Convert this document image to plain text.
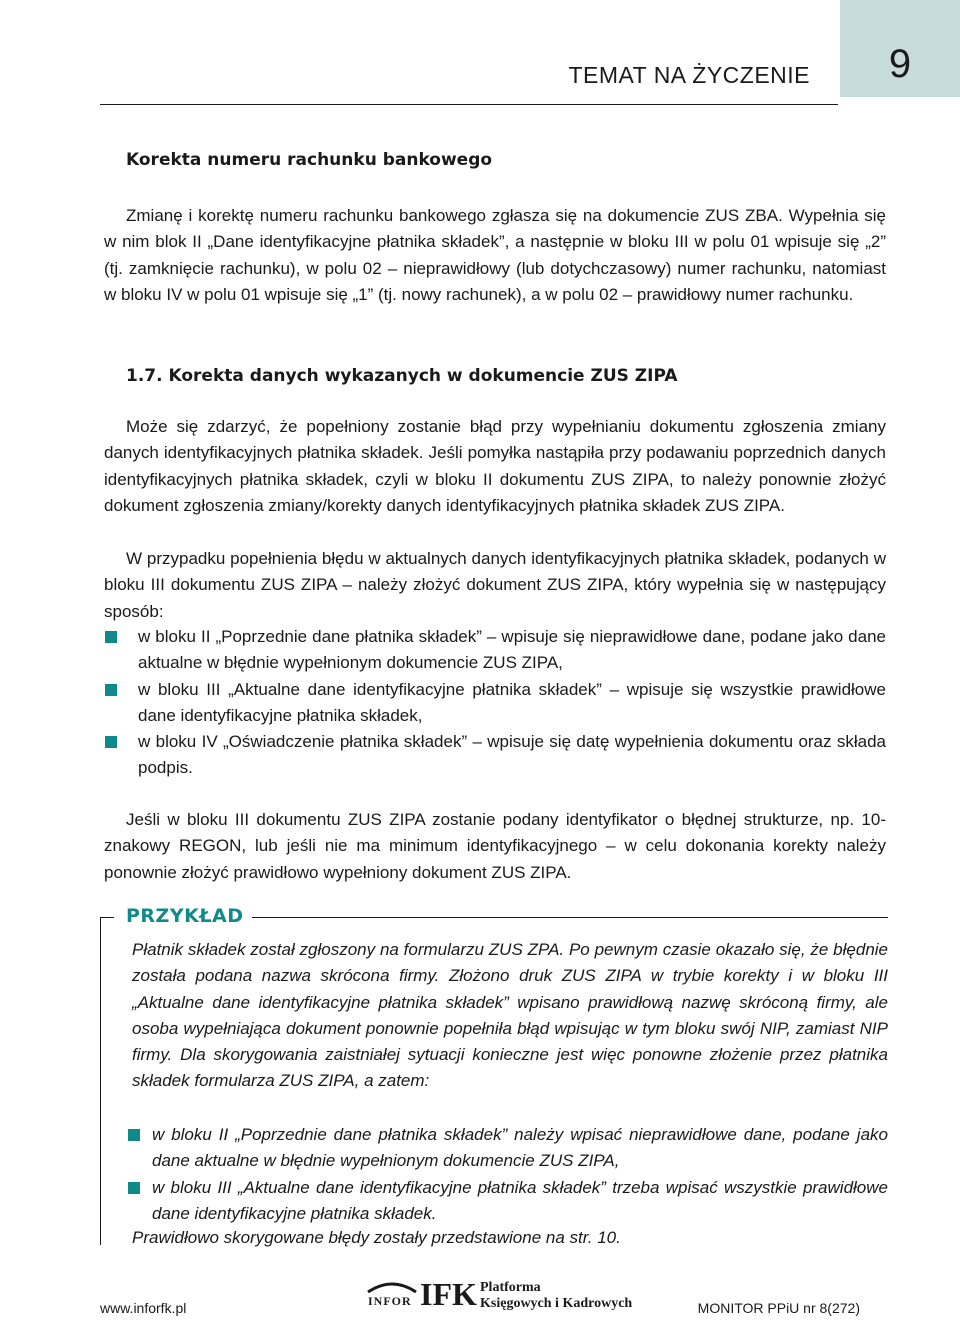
9
TEMAT NA ŻYCZENIE
Korekta numeru rachunku bankowego

Zmianę i korektę numeru rachunku bankowego zgłasza się na dokumencie ZUS ZBA. Wypełnia się w nim blok II „Dane identyfikacyjne płatnika składek”, a następnie w bloku III w polu 01 wpisuje się „2” (tj. zamknięcie rachunku), w polu 02 – nieprawidłowy (lub dotychczasowy) numer rachunku, natomiast w bloku IV w polu 01 wpisuje się „1” (tj. nowy rachunek), a w polu 02 – prawidłowy numer rachunku.

1.7. Korekta danych wykazanych w dokumencie ZUS ZIPA

Może się zdarzyć, że popełniony zostanie błąd przy wypełnianiu dokumentu zgłoszenia zmiany danych identyfikacyjnych płatnika składek. Jeśli pomyłka nastąpiła przy podawaniu poprzednich danych identyfikacyjnych płatnika składek, czyli w bloku II dokumentu ZUS ZIPA, to należy ponownie złożyć dokument zgłoszenia zmiany/korekty danych identyfikacyjnych płatnika składek ZUS ZIPA.

W przypadku popełnienia błędu w aktualnych danych identyfikacyjnych płatnika składek, podanych w bloku III dokumentu ZUS ZIPA – należy złożyć dokument ZUS ZIPA, który wypełnia się w następujący sposób:

w bloku II „Poprzednie dane płatnika składek” – wpisuje się nieprawidłowe dane, podane jako dane aktualne w błędnie wypełnionym dokumencie ZUS ZIPA,
w bloku III „Aktualne dane identyfikacyjne płatnika składek” – wpisuje się wszystkie prawidłowe dane identyfikacyjne płatnika składek,
w bloku IV „Oświadczenie płatnika składek” – wpisuje się datę wypełnienia dokumentu oraz składa podpis.

Jeśli w bloku III dokumentu ZUS ZIPA zostanie podany identyfikator o błędnej strukturze, np. 10-znakowy REGON, lub jeśli nie ma minimum identyfikacyjnego – w celu dokonania korekty należy ponownie złożyć prawidłowo wypełniony dokument ZUS ZIPA.

PRZYKŁAD

Płatnik składek został zgłoszony na formularzu ZUS ZPA. Po pewnym czasie okazało się, że błędnie została podana nazwa skrócona firmy. Złożono druk ZUS ZIPA w trybie korekty i w bloku III „Aktualne dane identyfikacyjne płatnika składek” wpisano prawidłową nazwę skróconą firmy, ale osoba wypełniająca dokument ponownie popełniła błąd wpisując w tym bloku swój NIP, zamiast NIP firmy. Dla skorygowania zaistniałej sytuacji konieczne jest więc ponowne złożenie przez płatnika składek formularza ZUS ZIPA, a zatem:

w bloku II „Poprzednie dane płatnika składek” należy wpisać nieprawidłowe dane, podane jako dane aktualne w błędnie wypełnionym dokumencie ZUS ZIPA,
w bloku III „Aktualne dane identyfikacyjne płatnika składek” trzeba wpisać wszystkie prawidłowe dane identyfikacyjne płatnika składek.

Prawidłowo skorygowane błędy zostały przedstawione na str. 10.

www.inforfk.pl	INFOR IFK Platforma
Księgowych i Kadrowych	MONITOR PPiU nr 8(272)
